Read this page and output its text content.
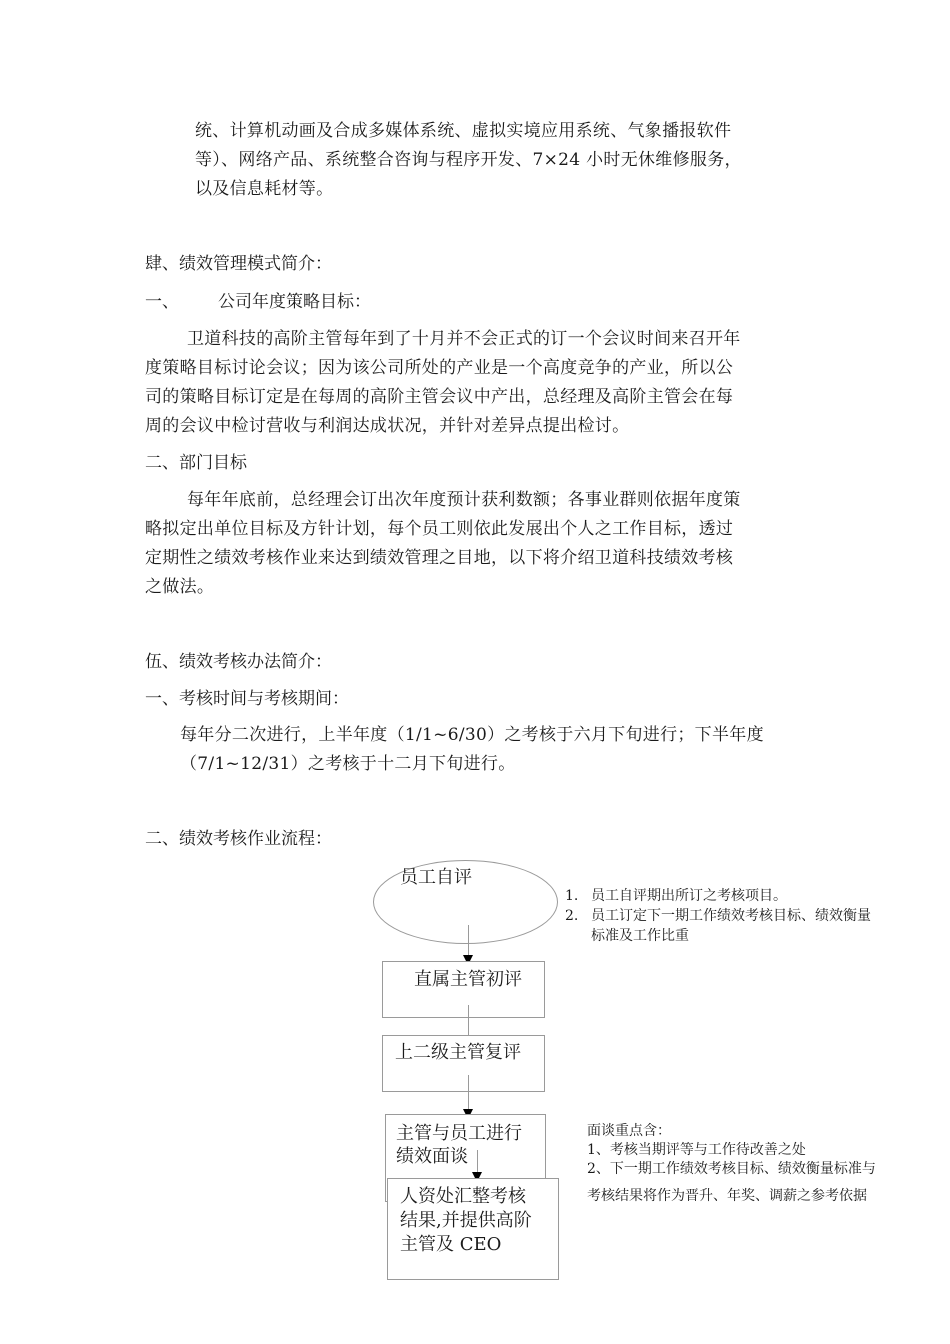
统、计算机动画及合成多媒体系统、虚拟实境应用系统、气象播报软件
等）、网络产品、系统整合咨询与程序开发、7×24 小时无休维修服务，
以及信息耗材等。
肆、绩效管理模式简介：
一、 公司年度策略目标：
卫道科技的高阶主管每年到了十月并不会正式的订一个会议时间来召开年
度策略目标讨论会议；因为该公司所处的产业是一个高度竞争的产业，所以公
司的策略目标订定是在每周的高阶主管会议中产出，总经理及高阶主管会在每
周的会议中检讨营收与利润达成状况，并针对差异点提出检讨。
二、部门目标
每年年底前，总经理会订出次年度预计获利数额；各事业群则依据年度策
略拟定出单位目标及方针计划，每个员工则依此发展出个人之工作目标，透过
定期性之绩效考核作业来达到绩效管理之目地，以下将介绍卫道科技绩效考核
之做法。
伍、绩效考核办法简介：
一、考核时间与考核期间：
每年分二次进行，上半年度（1/1~6/30）之考核于六月下旬进行；下半年度
（7/1~12/31）之考核于十二月下旬进行。
二、绩效考核作业流程：
员工自评
直属主管初评
上二级主管复评
主管与员工进行
绩效面谈
人资处汇整考核
结果,并提供高阶
主管及 CEO
1. 员工自评期出所订之考核项目。
2. 员工订定下一期工作绩效考核目标、绩效衡量
标准及工作比重
面谈重点含：
1、考核当期评等与工作待改善之处
2、下一期工作绩效考核目标、绩效衡量标准与
考核结果将作为晋升、年奖、调薪之参考依据
